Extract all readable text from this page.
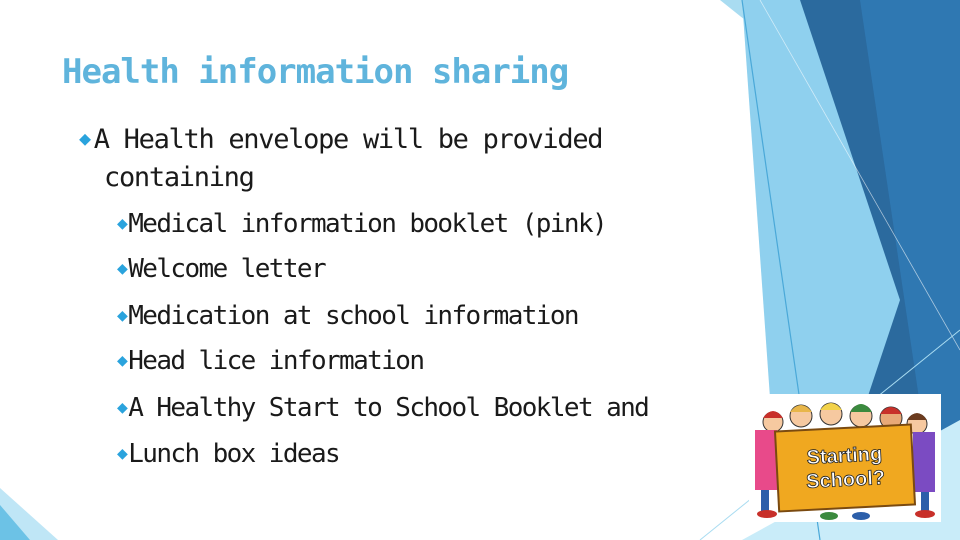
Health information sharing
◆ A Health envelope will be provided
containing
◆Medical information booklet (pink)
◆Welcome letter
◆Medication at school information
◆Head lice information
◆A Healthy Start to School Booklet and
◆Lunch box ideas	Starting
School?
